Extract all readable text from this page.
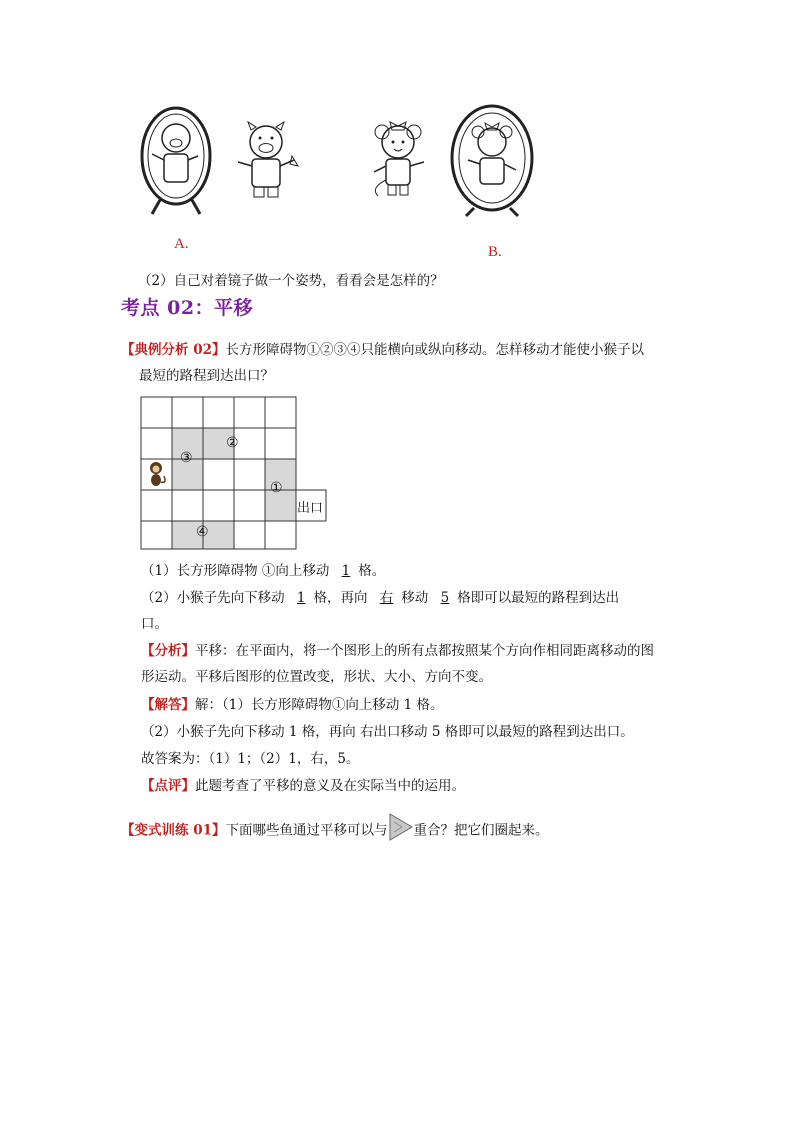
A.	B.
（2）自己对着镜子做一个姿势，看看会是怎样的？
考点 02：平移
【典例分析 02】长方形障碍物①②③④只能横向或纵向移动。怎样移动才能使小猴子以
最短的路程到达出口？
②
③
①
④
出口
（1）长方形障碍物 ①向上移动 1 格。
（2）小猴子先向下移动 1 格，再向 右 移动 5 格即可以最短的路程到达出
口。
【分析】平移：在平面内，将一个图形上的所有点都按照某个方向作相同距离移动的图
形运动。平移后图形的位置改变，形状、大小、方向不变。
【解答】解：（1）长方形障碍物①向上移动 1 格。
（2）小猴子先向下移动 1 格，再向 右出口移动 5 格即可以最短的路程到达出口。
故答案为：（1）1；（2）1，右，5。
【点评】此题考查了平移的意义及在实际当中的运用。
【变式训练 01】下面哪些鱼通过平移可以与 重合？把它们圈起来。
